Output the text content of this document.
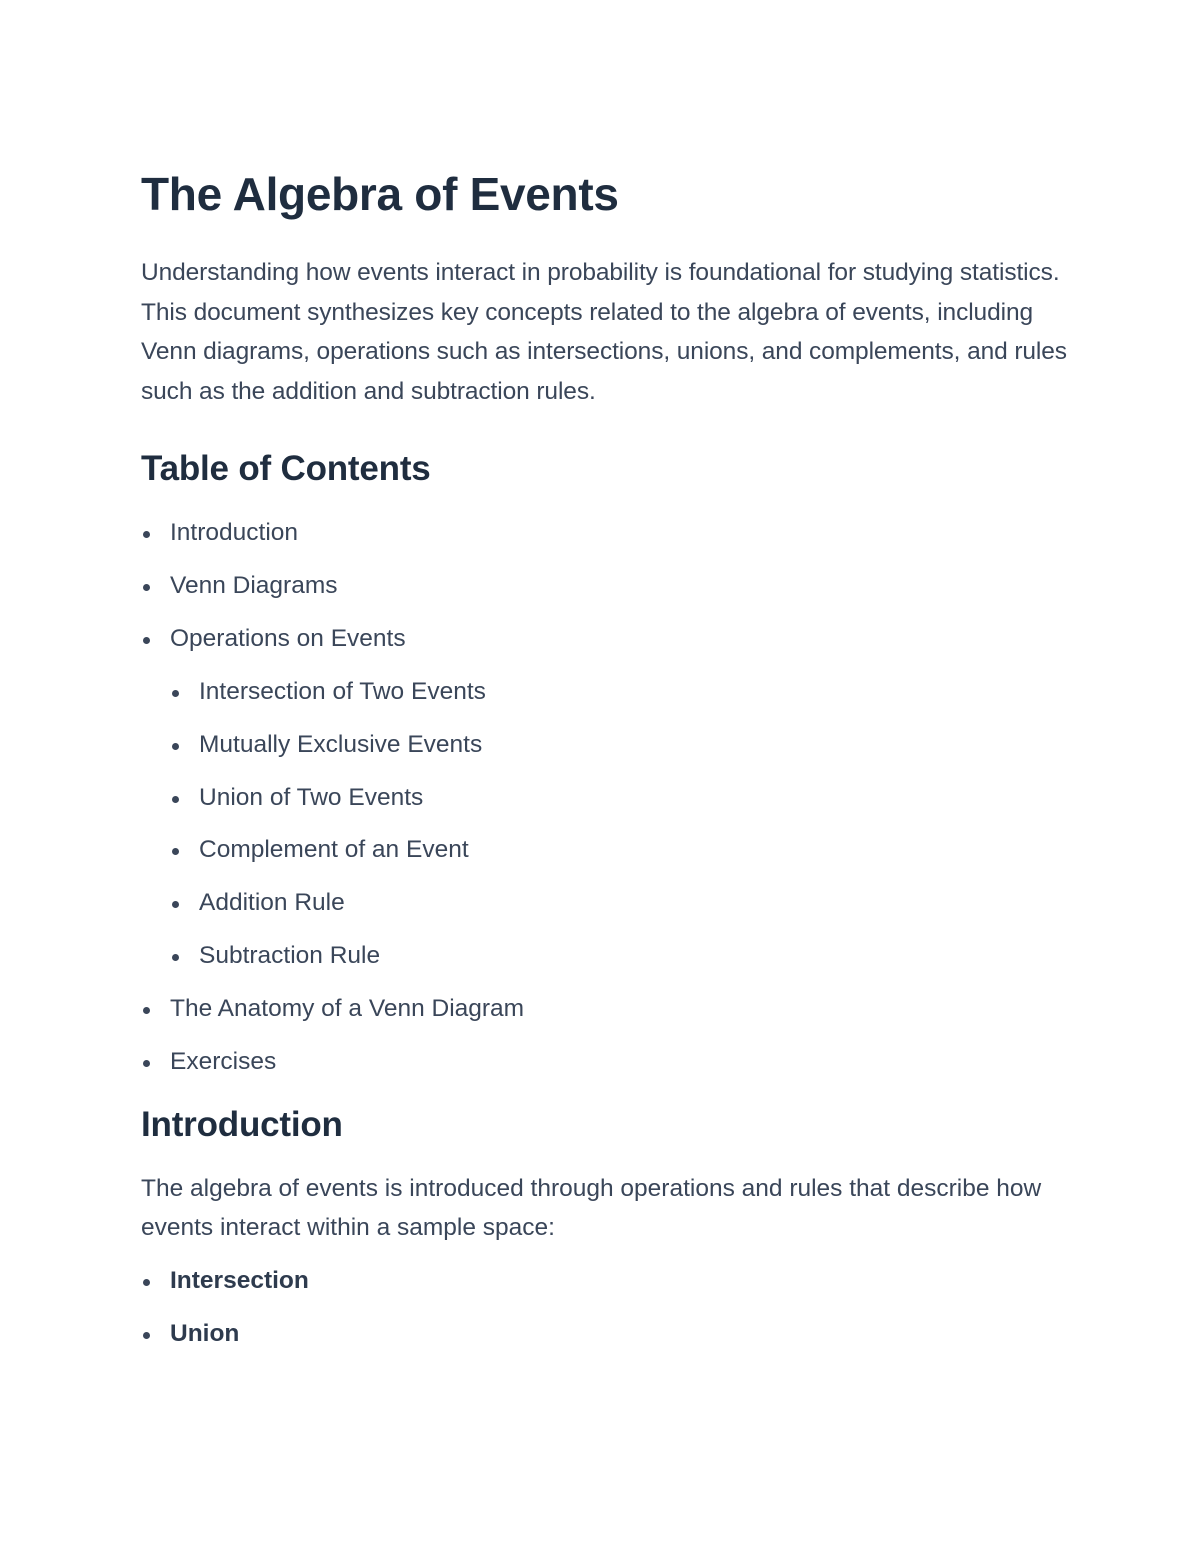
The Algebra of Events

Understanding how events interact in probability is foundational for studying statistics. This document synthesizes key concepts related to the algebra of events, including Venn diagrams, operations such as intersections, unions, and complements, and rules such as the addition and subtraction rules.

Table of Contents
Introduction
Venn Diagrams
Operations on Events
Intersection of Two Events
Mutually Exclusive Events
Union of Two Events
Complement of an Event
Addition Rule
Subtraction Rule
The Anatomy of a Venn Diagram
Exercises
Introduction

The algebra of events is introduced through operations and rules that describe how events interact within a sample space:

Intersection
Union
